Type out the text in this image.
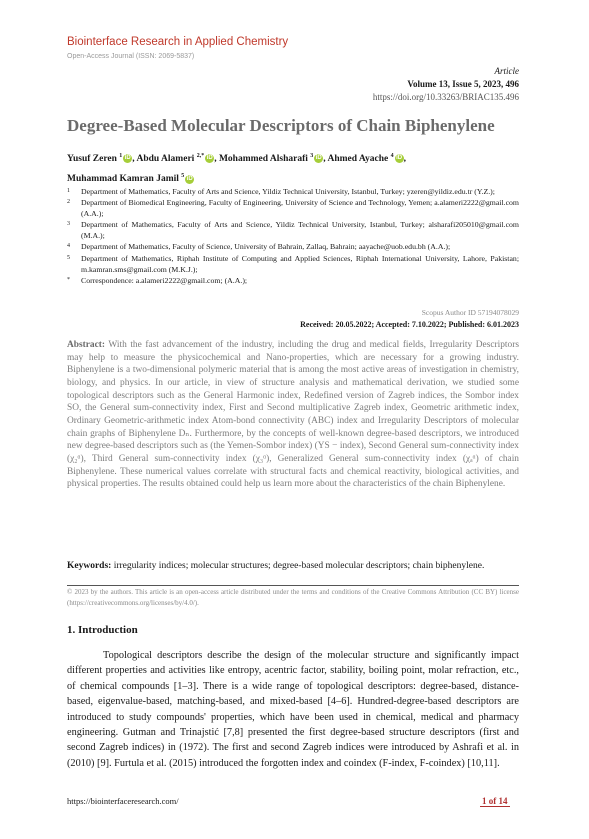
Biointerface Research in Applied Chemistry
Open-Access Journal (ISSN: 2069-5837)
Article
Volume 13, Issue 5, 2023, 496
https://doi.org/10.33263/BRIAC135.496
Degree-Based Molecular Descriptors of Chain Biphenylene
Yusuf Zeren $^1$ iD , Abdu Alameri $^{2,*}$ iD , Mohammed Alsharafi $^3$ iD , Ahmed Ayache $^4$ iD ,
Muhammad Kamran Jamil $^5$ iD
1	Department of Mathematics, Faculty of Arts and Science, Yildiz Technical University, Istanbul, Turkey; yzeren@yildiz.edu.tr (Y.Z.);
2	Department of Biomedical Engineering, Faculty of Engineering, University of Science and Technology, Yemen; a.alameri2222@gmail.com (A.A.);
3	Department of Mathematics, Faculty of Arts and Science, Yildiz Technical University, Istanbul, Turkey; alsharafi205010@gmail.com (M.A.);
4	Department of Mathematics, Faculty of Science, University of Bahrain, Zallaq, Bahrain; aayache@uob.edu.bh (A.A.);
5	Department of Mathematics, Riphah Institute of Computing and Applied Sciences, Riphah International University, Lahore, Pakistan; m.kamran.sms@gmail.com (M.K.J.);
*	Correspondence: a.alameri2222@gmail.com; (A.A.);
Scopus Author ID 57194078029
Received: 20.05.2022; Accepted: 7.10.2022; Published: 6.01.2023
Abstract: With the fast advancement of the industry, including the drug and medical fields, Irregularity Descriptors may help to measure the physicochemical and Nano-properties, which are necessary for a growing industry. Biphenylene is a two-dimensional polymeric material that is among the most active areas of investigation in chemistry, biology, and physics. In our article, in view of structure analysis and mathematical derivation, we studied some topological descriptors such as the General Harmonic index, Redefined version of Zagreb indices, the Sombor index SO, the General sum-connectivity index, First and Second multiplicative Zagreb index, Geometric arithmetic index, Ordinary Geometric-arithmetic index Atom-bond connectivity (ABC) index and Irregularity Descriptors of molecular chain graphs of Biphenylene Dₙ. Furthermore, by the concepts of well-known degree-based descriptors, we introduced new degree-based descriptors such as (the Yemen-Sombor index) (YS − index), Second General sum-connectivity index (χ₂ᵅ), Third General sum-connectivity index (χ₃ᵅ), Generalized General sum-connectivity index (χₐᵅ) of chain Biphenylene. These numerical values correlate with structural facts and chemical reactivity, biological activities, and physical properties. The results obtained could help us learn more about the characteristics of the chain Biphenylene.
Keywords: irregularity indices; molecular structures; degree-based molecular descriptors; chain biphenylene.
© 2023 by the authors. This article is an open-access article distributed under the terms and conditions of the Creative Commons Attribution (CC BY) license (https://creativecommons.org/licenses/by/4.0/).
1. Introduction
Topological descriptors describe the design of the molecular structure and significantly impact different properties and activities like entropy, acentric factor, stability, boiling point, molar refraction, etc., of chemical compounds [1–3]. There is a wide range of topological descriptors: degree-based, distance-based, eigenvalue-based, matching-based, and mixed-based [4–6]. Hundred-degree-based descriptors are introduced to study compounds' properties, which have been used in chemical, medical and pharmacy engineering. Gutman and Trinajstić [7,8] presented the first degree-based structure descriptors (first and second Zagreb indices) in (1972). The first and second Zagreb indices were introduced by Ashrafi et al. in (2010) [9]. Furtula et al. (2015) introduced the forgotten index and coindex (F-index, F-coindex) [10,11].
https://biointerfaceresearch.com/	1 of 14
